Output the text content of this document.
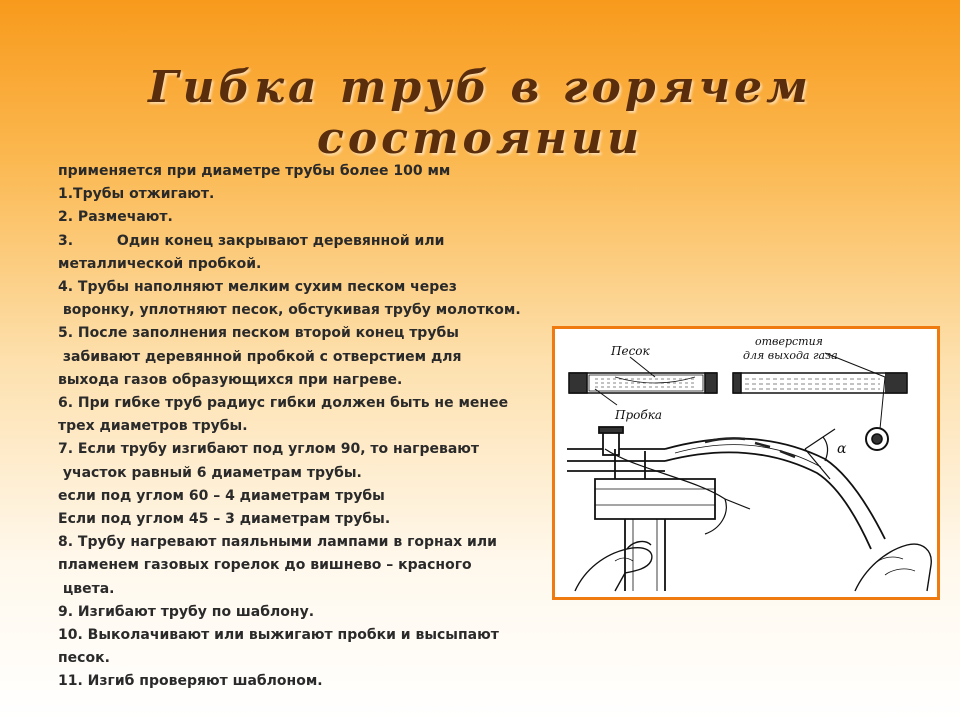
Гибка труб в горячем состоянии
применяется при диаметре трубы более 100 мм
1.Трубы отжигают.
2. Размечают.
3.         Один конец закрывают деревянной или
металлической пробкой.
4. Трубы наполняют мелким сухим песком через
воронку, уплотняют песок, обстукивая трубу молотком.
5. После заполнения песком второй конец трубы
забивают деревянной пробкой с отверстием для
выхода газов образующихся при нагреве.
6. При гибке труб радиус гибки должен быть не менее
трех диаметров трубы.
7. Если трубу изгибают под углом 90, то нагревают
участок равный 6 диаметрам трубы.
если под углом 60 – 4 диаметрам трубы
Если под углом 45 – 3 диаметрам трубы.
8. Трубу нагревают паяльными лампами в горнах или
пламенем газовых горелок до вишнево – красного
цвета.
9. Изгибают трубу по шаблону.
10. Выколачивают или выжигают пробки и высыпают
песок.
11. Изгиб проверяют шаблоном.
Песок
Пробка
отверстия
для выхода газа
α
